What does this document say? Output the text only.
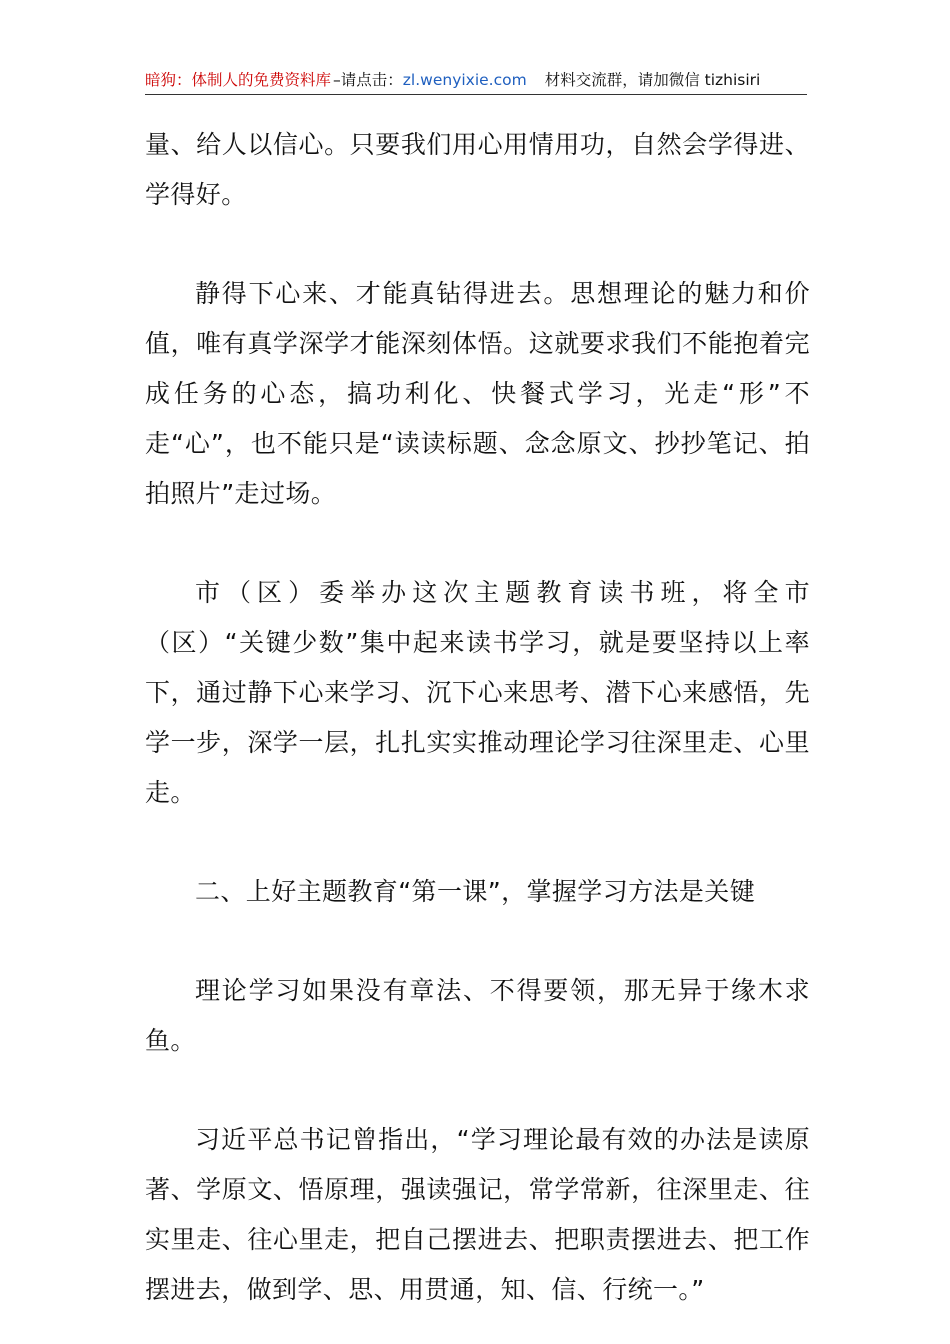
暗狗：体制人的免费资料库 –请点击：zl.wenyixie.com 材料交流群，请加微信 tizhisiri

量、给人以信心。只要我们用心用情用功，自然会学得进、学得好。

静得下心来、才能真钻得进去。思想理论的魅力和价值，唯有真学深学才能深刻体悟。这就要求我们不能抱着完成任务的心态，搞功利化、快餐式学习，光走“形”不走“心”，也不能只是“读读标题、念念原文、抄抄笔记、拍拍照片”走过场。

市（区）委举办这次主题教育读书班，将全市（区）“关键少数”集中起来读书学习，就是要坚持以上率下，通过静下心来学习、沉下心来思考、潜下心来感悟，先学一步，深学一层，扎扎实实推动理论学习往深里走、心里走。

二、上好主题教育“第一课”，掌握学习方法是关键

理论学习如果没有章法、不得要领，那无异于缘木求鱼。

习近平总书记曾指出，“学习理论最有效的办法是读原著、学原文、悟原理，强读强记，常学常新，往深里走、往实里走、往心里走，把自己摆进去、把职责摆进去、把工作摆进去，做到学、思、用贯通，知、信、行统一。”
